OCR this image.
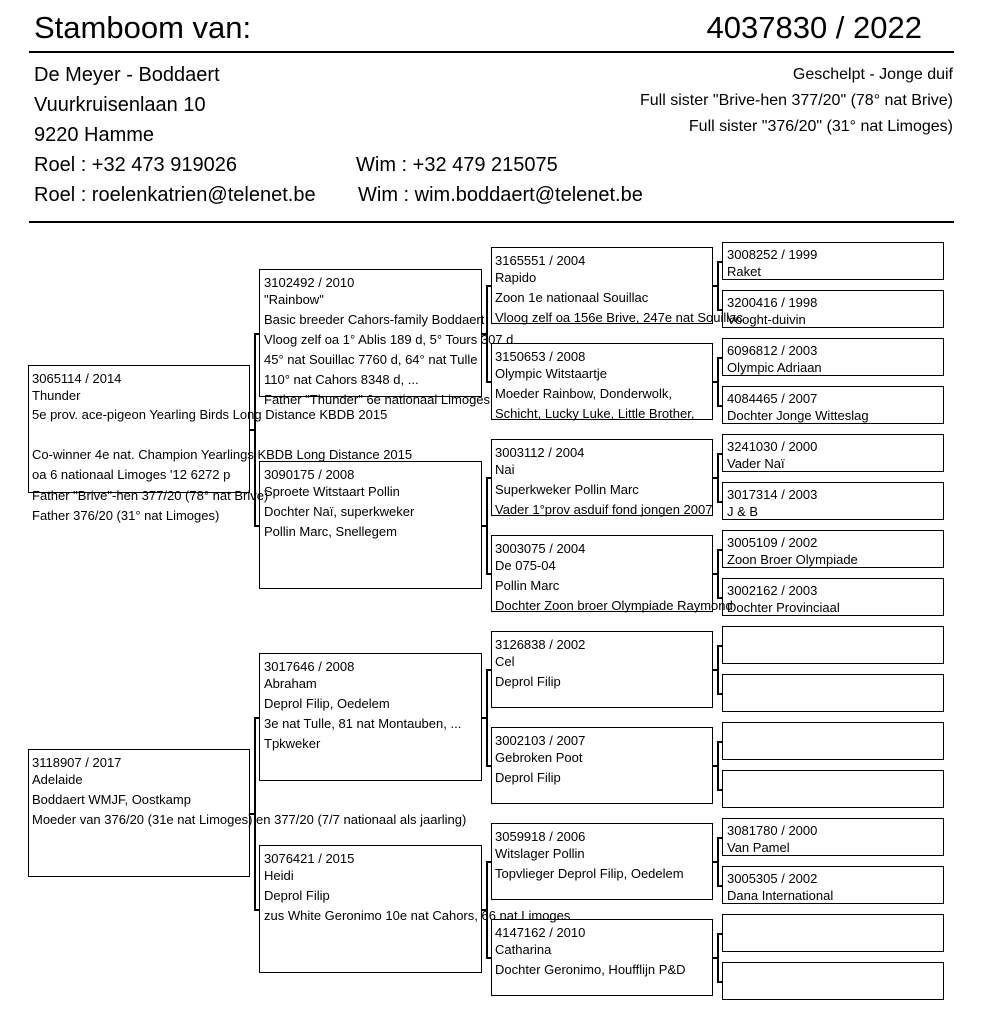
Stamboom van:	4037830 / 2022
De Meyer - Boddaert
Vuurkruisenlaan 10
9220 Hamme
Roel : +32 473 919026	Wim : +32 479 215075
Roel : roelenkatrien@telenet.be Wim : wim.boddaert@telenet.be
Geschelpt - Jonge duif
Full sister "Brive-hen 377/20" (78° nat Brive)
Full sister "376/20" (31° nat Limoges)
3065114 / 2014
Thunder
5e prov. ace-pigeon Yearling Birds Long Distance KBDB 2015
Co-winner 4e nat. Champion Yearlings KBDB Long Distance 2015
oa 6 nationaal Limoges '12 6272 p
Father "Brive"-hen 377/20 (78° nat Brive)
Father 376/20 (31° nat Limoges)
3118907 / 2017
Adelaide
Boddaert WMJF, Oostkamp
Moeder van 376/20 (31e nat Limoges) en 377/20 (7/7 nationaal als jaarling)
3102492 / 2010
"Rainbow"
Basic breeder Cahors-family Boddaert
Vloog zelf oa 1° Ablis 189 d, 5° Tours 307 d
45° nat Souillac 7760 d, 64° nat Tulle
110° nat Cahors 8348 d, ...
Father "Thunder" 6e nationaal Limoges
3090175 / 2008
Sproete Witstaart Pollin
Dochter Naï, superkweker
Pollin Marc, Snellegem
3017646 / 2008
Abraham
Deprol Filip, Oedelem
3e nat Tulle, 81 nat Montauben, ...
Tpkweker
3076421 / 2015
Heidi
Deprol Filip
zus White Geronimo 10e nat Cahors, 66 nat Limoges
3165551 / 2004
Rapido
Zoon 1e nationaal Souillac
Vloog zelf oa 156e Brive, 247e nat Souillac
3150653 / 2008
Olympic Witstaartje
Moeder Rainbow, Donderwolk,
Schicht, Lucky Luke, Little Brother,
3003112 / 2004
Nai
Superkweker Pollin Marc
Vader 1°prov asduif fond jongen 2007
3003075 / 2004
De 075-04
Pollin Marc
Dochter Zoon broer Olympiade Raymond
3126838 / 2002
Cel
Deprol Filip
3002103 / 2007
Gebroken Poot
Deprol Filip
3059918 / 2006
Witslager Pollin
Topvlieger Deprol Filip, Oedelem
4147162 / 2010
Catharina
Dochter Geronimo, Houfflijn P&D
3008252 / 1999
Raket
3200416 / 1998
Vooght-duivin
6096812 / 2003
Olympic Adriaan
4084465 / 2007
Dochter Jonge Witteslag
3241030 / 2000
Vader Naï
3017314 / 2003
J & B
3005109 / 2002
Zoon Broer Olympiade
3002162 / 2003
Dochter Provinciaal
3081780 / 2000
Van Pamel
3005305 / 2002
Dana International
